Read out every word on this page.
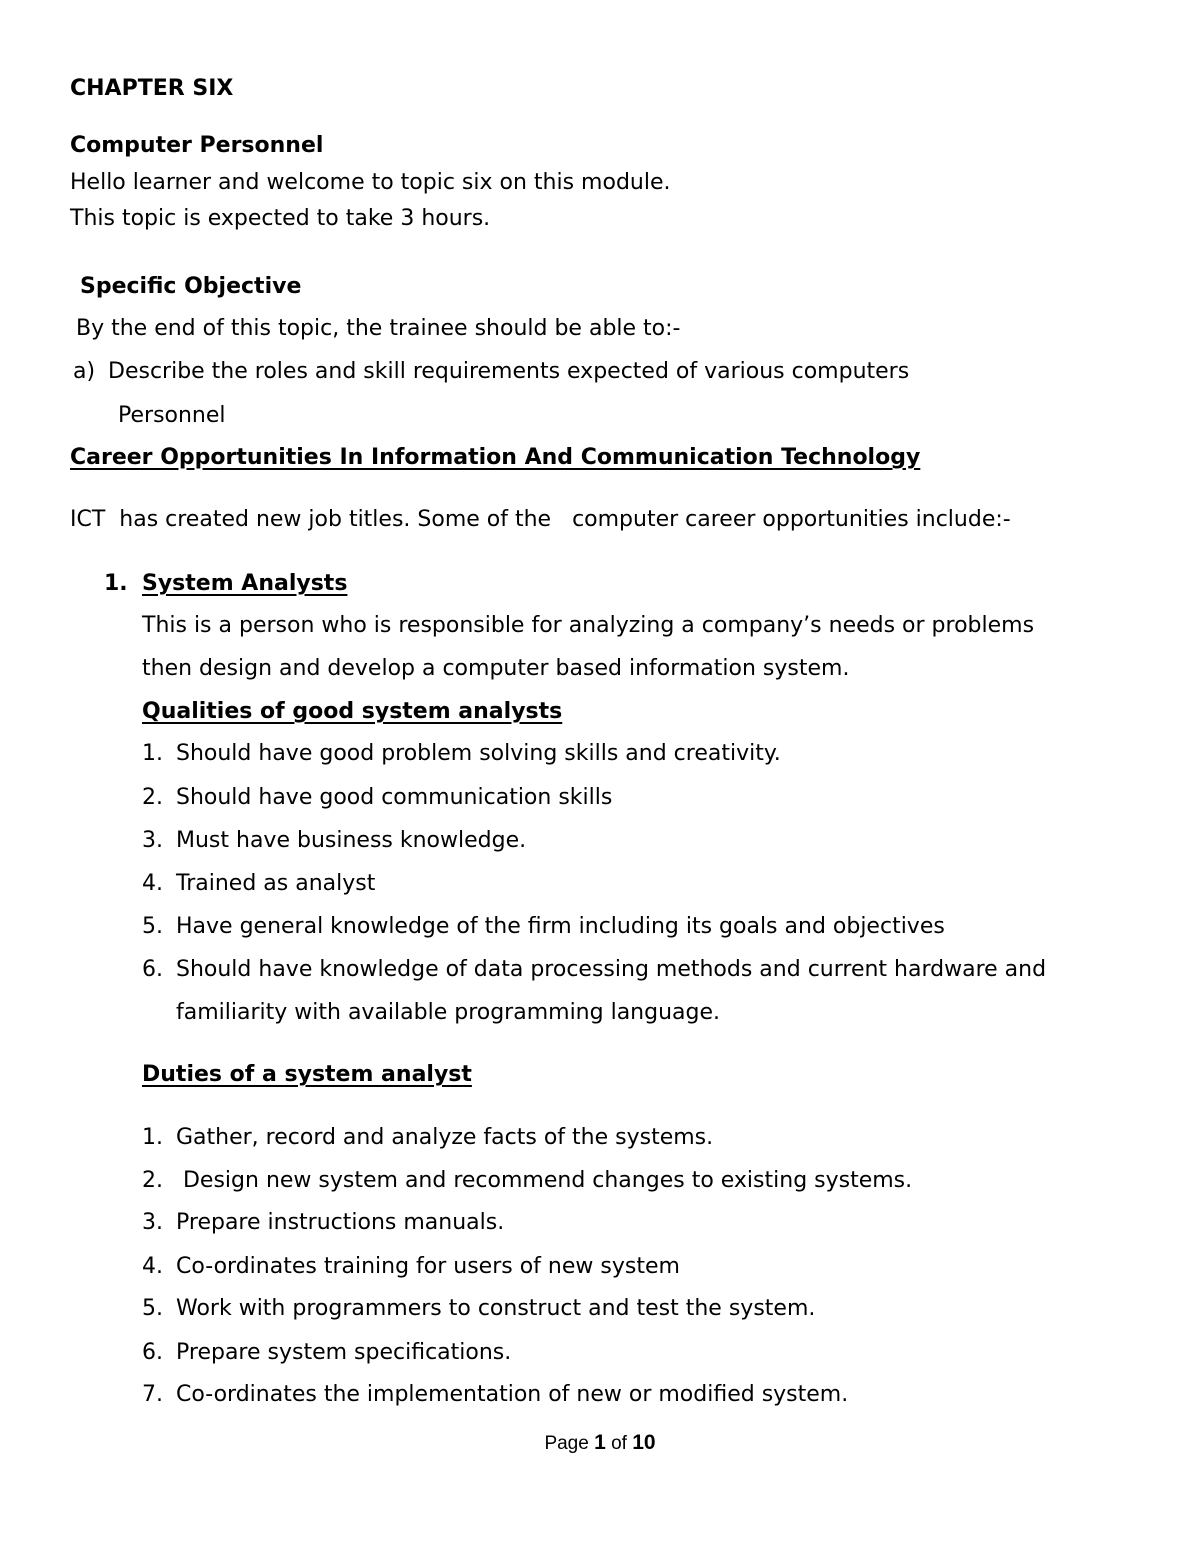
CHAPTER SIX
Computer Personnel
Hello learner and welcome to topic six on this module.
This topic is expected to take 3 hours.
Specific Objective
By the end of this topic, the trainee should be able to:-
a) Describe the roles and skill requirements expected of various computers
Personnel
Career Opportunities In Information And Communication Technology
ICT  has created new job titles. Some of the   computer career opportunities include:-
1. System Analysts
This is a person who is responsible for analyzing a company’s needs or problems
then design and develop a computer based information system.
Qualities of good system analysts
1. Should have good problem solving skills and creativity.
2. Should have good communication skills
3. Must have business knowledge.
4. Trained as analyst
5. Have general knowledge of the firm including its goals and objectives
6. Should have knowledge of data processing methods and current hardware and
familiarity with available programming language.
Duties of a system analyst
1. Gather, record and analyze facts of the systems.
2. Design new system and recommend changes to existing systems.
3. Prepare instructions manuals.
4. Co-ordinates training for users of new system
5. Work with programmers to construct and test the system.
6. Prepare system specifications.
7. Co-ordinates the implementation of new or modified system.
Page 1 of 10
